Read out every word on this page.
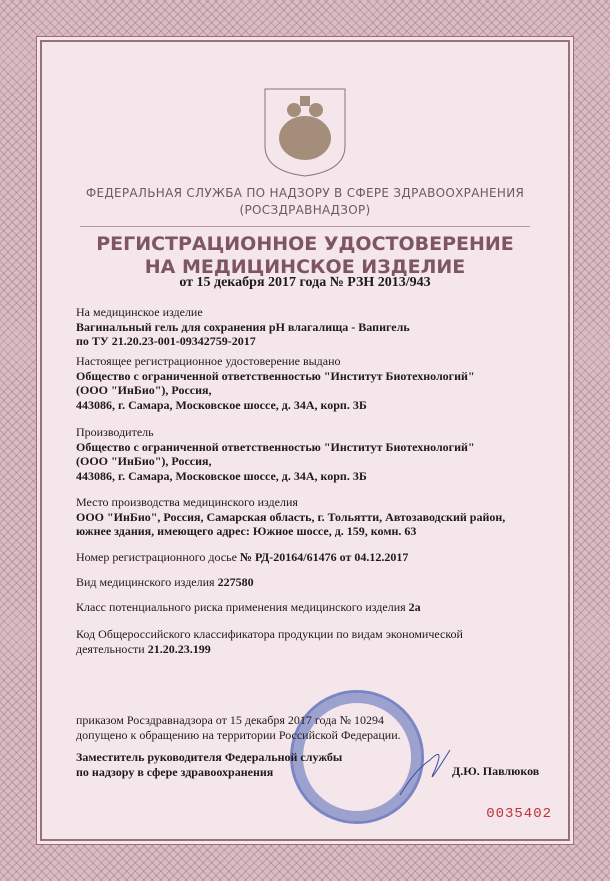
ФЕДЕРАЛЬНАЯ СЛУЖБА ПО НАДЗОРУ В СФЕРЕ ЗДРАВООХРАНЕНИЯ
(РОСЗДРАВНАДЗОР)
РЕГИСТРАЦИОННОЕ УДОСТОВЕРЕНИЕ
НА МЕДИЦИНСКОЕ ИЗДЕЛИЕ
от 15 декабря 2017 года № РЗН 2013/943
На медицинское изделие
Вагинальный гель для сохранения pH влагалища - Вапигель
по ТУ 21.20.23-001-09342759-2017
Настоящее регистрационное удостоверение выдано
Общество с ограниченной ответственностью "Институт Биотехнологий"
(ООО "ИнБио"), Россия,
443086, г. Самара, Московское шоссе, д. 34А, корп. 3Б
Производитель
Общество с ограниченной ответственностью "Институт Биотехнологий"
(ООО "ИнБио"), Россия,
443086, г. Самара, Московское шоссе, д. 34А, корп. 3Б
Место производства медицинского изделия
ООО "ИнБио", Россия, Самарская область, г. Тольятти, Автозаводский район,
южнее здания, имеющего адрес: Южное шоссе, д. 159, комн. 63
Номер регистрационного досье № РД-20164/61476 от 04.12.2017
Вид медицинского изделия 227580
Класс потенциального риска применения медицинского изделия 2а
Код Общероссийского классификатора продукции по видам экономической
деятельности 21.20.23.199
приказом Росздравнадзора от 15 декабря 2017 года № 10294
допущено к обращению на территории Российской Федерации.
Заместитель руководителя Федеральной службы
по надзору в сфере здравоохранения	Д.Ю. Павлюков
0035402
